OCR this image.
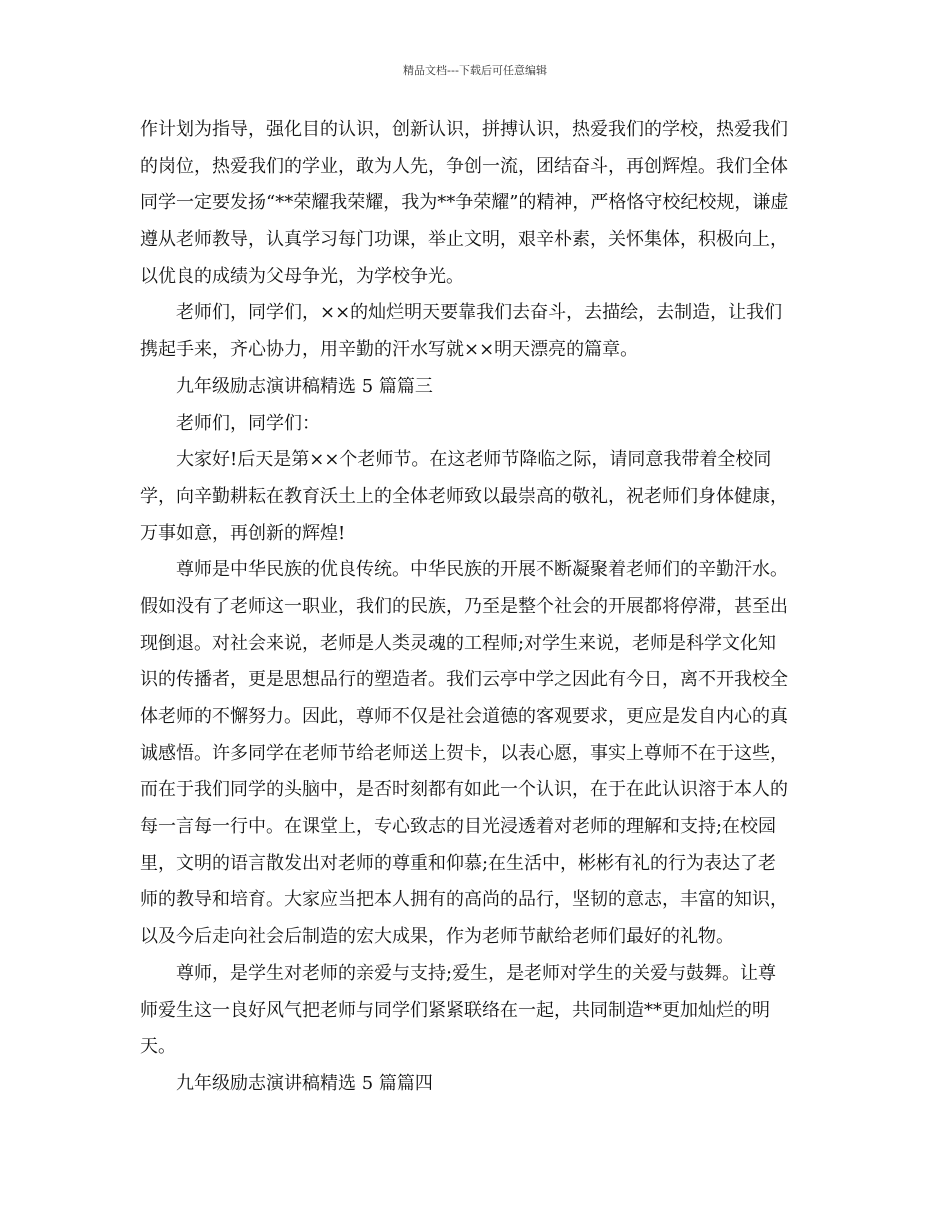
精品文档---下载后可任意编辑
作计划为指导，强化目的认识，创新认识，拼搏认识，热爱我们的学校，热爱我们
的岗位，热爱我们的学业，敢为人先，争创一流，团结奋斗，再创辉煌。我们全体
同学一定要发扬“**荣耀我荣耀，我为**争荣耀”的精神，严格恪守校纪校规，谦虚
遵从老师教导，认真学习每门功课，举止文明，艰辛朴素，关怀集体，积极向上，
以优良的成绩为父母争光，为学校争光。
老师们，同学们，××的灿烂明天要靠我们去奋斗，去描绘，去制造，让我们
携起手来，齐心协力，用辛勤的汗水写就××明天漂亮的篇章。
九年级励志演讲稿精选 5 篇篇三
老师们，同学们：
大家好!后天是第××个老师节。在这老师节降临之际，请同意我带着全校同
学，向辛勤耕耘在教育沃土上的全体老师致以最崇高的敬礼，祝老师们身体健康，
万事如意，再创新的辉煌!
尊师是中华民族的优良传统。中华民族的开展不断凝聚着老师们的辛勤汗水。
假如没有了老师这一职业，我们的民族，乃至是整个社会的开展都将停滞，甚至出
现倒退。对社会来说，老师是人类灵魂的工程师;对学生来说，老师是科学文化知
识的传播者，更是思想品行的塑造者。我们云亭中学之因此有今日，离不开我校全
体老师的不懈努力。因此，尊师不仅是社会道德的客观要求，更应是发自内心的真
诚感悟。许多同学在老师节给老师送上贺卡，以表心愿，事实上尊师不在于这些，
而在于我们同学的头脑中，是否时刻都有如此一个认识，在于在此认识溶于本人的
每一言每一行中。在课堂上，专心致志的目光浸透着对老师的理解和支持;在校园
里，文明的语言散发出对老师的尊重和仰慕;在生活中，彬彬有礼的行为表达了老
师的教导和培育。大家应当把本人拥有的高尚的品行，坚韧的意志，丰富的知识，
以及今后走向社会后制造的宏大成果，作为老师节献给老师们最好的礼物。
尊师，是学生对老师的亲爱与支持;爱生，是老师对学生的关爱与鼓舞。让尊
师爱生这一良好风气把老师与同学们紧紧联络在一起，共同制造**更加灿烂的明
天。
九年级励志演讲稿精选 5 篇篇四
